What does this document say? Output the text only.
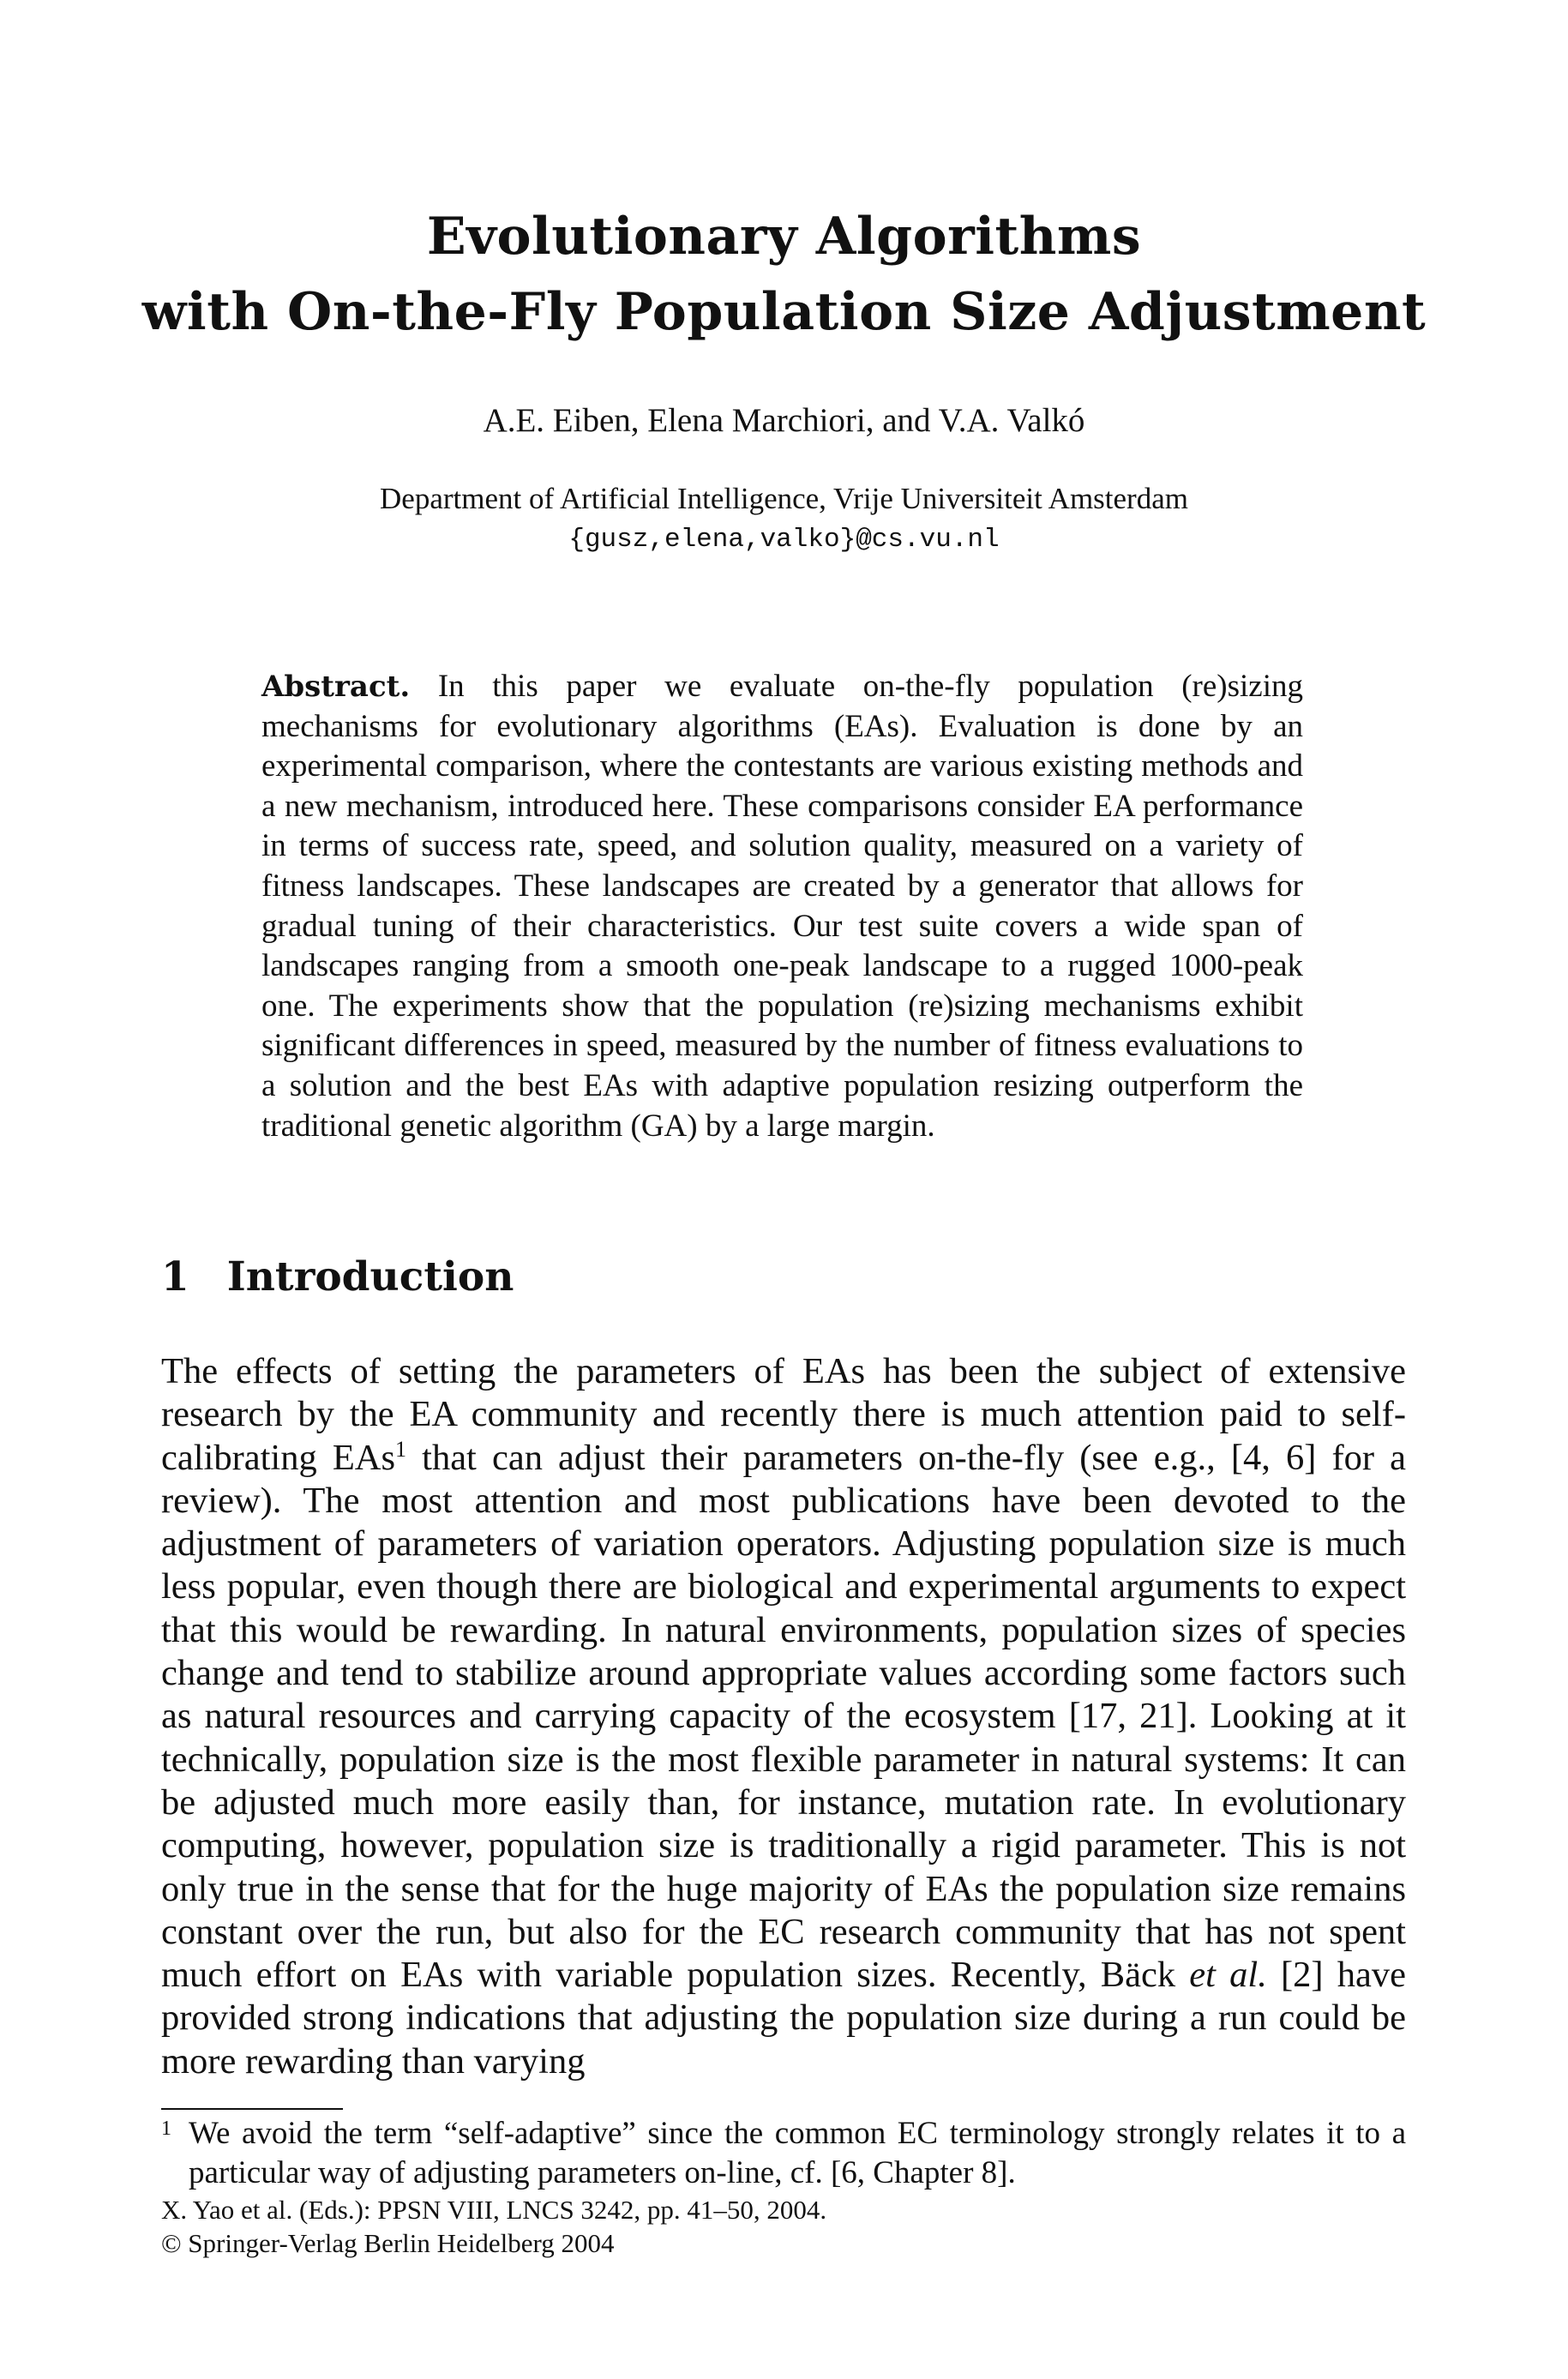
Evolutionary Algorithms
with On-the-Fly Population Size Adjustment
A.E. Eiben, Elena Marchiori, and V.A. Valkó
Department of Artificial Intelligence, Vrije Universiteit Amsterdam
{gusz,elena,valko}@cs.vu.nl
Abstract. In this paper we evaluate on-the-fly population (re)sizing mechanisms for evolutionary algorithms (EAs). Evaluation is done by an experimental comparison, where the contestants are various existing methods and a new mechanism, introduced here. These comparisons consider EA performance in terms of success rate, speed, and solution quality, measured on a variety of fitness landscapes. These landscapes are created by a generator that allows for gradual tuning of their characteristics. Our test suite covers a wide span of landscapes ranging from a smooth one-peak landscape to a rugged 1000-peak one. The experiments show that the population (re)sizing mechanisms exhibit significant differences in speed, measured by the number of fitness evaluations to a solution and the best EAs with adaptive population resizing outperform the traditional genetic algorithm (GA) by a large margin.
1 Introduction
The effects of setting the parameters of EAs has been the subject of extensive research by the EA community and recently there is much attention paid to self-calibrating EAs$^1$ that can adjust their parameters on-the-fly (see e.g., [4, 6] for a review). The most attention and most publications have been devoted to the adjustment of parameters of variation operators. Adjusting population size is much less popular, even though there are biological and experimental arguments to expect that this would be rewarding. In natural environments, population sizes of species change and tend to stabilize around appropriate values according some factors such as natural resources and carrying capacity of the ecosystem [17, 21]. Looking at it technically, population size is the most flexible parameter in natural systems: It can be adjusted much more easily than, for instance, mutation rate. In evolutionary computing, however, population size is traditionally a rigid parameter. This is not only true in the sense that for the huge majority of EAs the population size remains constant over the run, but also for the EC research community that has not spent much effort on EAs with variable population sizes. Recently, Bäck et al. [2] have provided strong indications that adjusting the population size during a run could be more rewarding than varying
1 We avoid the term “self-adaptive” since the common EC terminology strongly relates it to a particular way of adjusting parameters on-line, cf. [6, Chapter 8].
X. Yao et al. (Eds.): PPSN VIII, LNCS 3242, pp. 41–50, 2004.
© Springer-Verlag Berlin Heidelberg 2004
